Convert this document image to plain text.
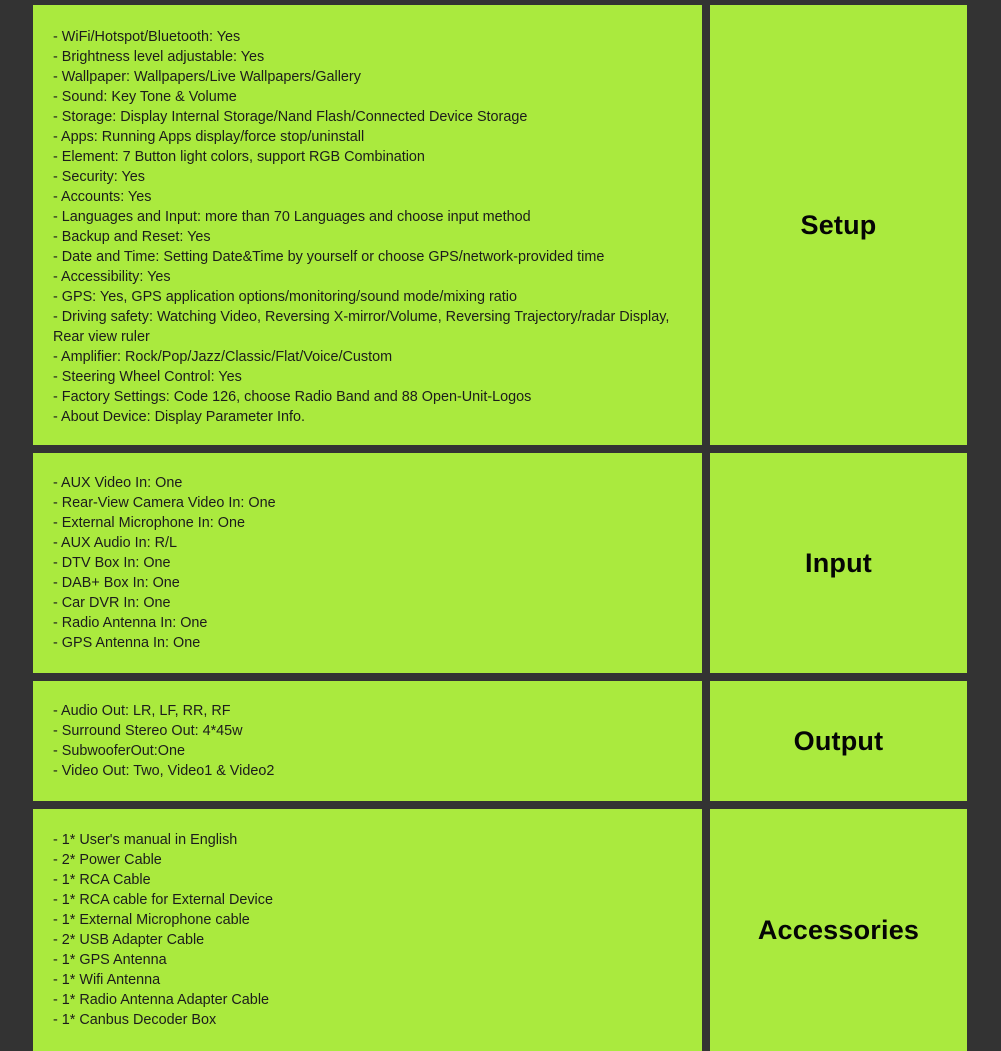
- WiFi/Hotspot/Bluetooth: Yes
- Brightness level adjustable: Yes
- Wallpaper: Wallpapers/Live Wallpapers/Gallery
- Sound: Key Tone & Volume
- Storage: Display Internal Storage/Nand Flash/Connected Device Storage
- Apps: Running Apps display/force stop/uninstall
- Element: 7 Button light colors, support RGB Combination
- Security: Yes
- Accounts: Yes
- Languages and Input: more than 70 Languages and choose input method
- Backup and Reset: Yes
- Date and Time: Setting Date&Time by yourself or choose GPS/network-provided time
- Accessibility: Yes
- GPS: Yes, GPS application options/monitoring/sound mode/mixing ratio
- Driving safety: Watching Video, Reversing X-mirror/Volume, Reversing Trajectory/radar Display, Rear view ruler
- Amplifier: Rock/Pop/Jazz/Classic/Flat/Voice/Custom
- Steering Wheel Control: Yes
- Factory Settings: Code 126, choose Radio Band and 88 Open-Unit-Logos
- About Device: Display Parameter Info.
Setup
- AUX Video In: One
- Rear-View Camera Video In: One
- External Microphone In: One
- AUX Audio In: R/L
- DTV Box In: One
- DAB+ Box In: One
- Car DVR In: One
- Radio Antenna In: One
- GPS Antenna In: One
Input
- Audio Out: LR, LF, RR, RF
- Surround Stereo Out: 4*45w
- SubwooferOut:One
- Video Out: Two, Video1 & Video2
Output
- 1* User's manual in English
- 2* Power Cable
- 1* RCA Cable
- 1* RCA cable for External Device
- 1* External Microphone cable
- 2* USB Adapter Cable
- 1* GPS Antenna
- 1* Wifi Antenna
- 1* Radio Antenna Adapter Cable
- 1* Canbus Decoder Box
Accessories
